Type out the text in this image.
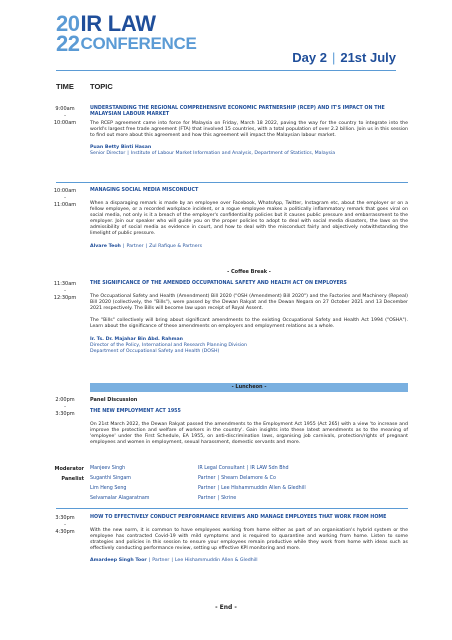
20
22
IR LAW
CONFERENCE
Day 2 | 21st July
TIME TOPIC
9:00am
-
10:00am
UNDERSTANDING THE REGIONAL COMPREHENSIVE ECONOMIC PARTNERSHIP (RCEP) AND IT'S IMPACT ON THE MALAYSIAN LABOUR MARKET
The RCEP agreement came into force for Malaysia on Friday, March 18 2022, paving the way for the country to integrate into the world's largest free trade agreement (FTA) that involved 15 countries, with a total population of over 2.2 billion. Join us in this session to find out more about this agreement and how this agreement will impact the Malaysian labour market.
Puan Betty Binti Hasan
Senior Director | Institute of Labour Market Information and Analysis, Department of Statistics, Malaysia
10:00am
-
11:00am
MANAGING SOCIAL MEDIA MISCONDUCT
When a disparaging remark is made by an employee over Facebook, WhatsApp, Twitter, Instagram etc, about the employer or on a fellow employee, or a recorded workplace incident, or a rogue employee makes a politically inflammatory remark that goes viral on social media, not only is it a breach of the employer's confidentiality policies but it causes public pressure and embarrassment to the employer. Join our speaker who will guide you on the proper policies to adopt to deal with social media disasters, the laws on the admissibility of social media as evidence in court, and how to deal with the misconduct fairly and objectively notwithstanding the limelight of public pressure.
Alvare Teoh | Partner | Zul Rafique & Partners
- Coffee Break -
11:30am
-
12:30pm
THE SIGNIFICANCE OF THE AMENDED OCCUPATIONAL SAFETY AND HEALTH ACT ON EMPLOYERS
The Occupational Safety and Health (Amendment) Bill 2020 ("OSH (Amendment) Bill 2020") and the Factories and Machinery (Repeal) Bill 2020 (collectively, the "Bills"), were passed by the Dewan Rakyat and the Dewan Negara on 27 October 2021 and 13 December 2021 respectively. The Bills will become law upon receipt of Royal Assent.
The "Bills" collectively will bring about significant amendments to the existing Occupational Safety and Health Act 1994 ("OSHA"). Learn about the significance of these amendments on employers and employment relations as a whole.
Ir. Ts. Dr. Majahar Bin Abd. Rahman
Director of the Policy, International and Research Planning Division
Department of Occupational Safety and Health (DOSH)
- Luncheon -
2:00pm
-
3:30pm
Panel Discussion
THE NEW EMPLOYMENT ACT 1955
On 21st March 2022, the Dewan Rakyat passed the amendments to the Employment Act 1955 (Act 265) with a view 'to increase and improve the protection and welfare of workers in the country'. Gain insights into these latest amendments as to the meaning of 'employee' under the First Schedule, EA 1955, on anti-discrimination laws, organising job carnivals, protection/rights of pregnant employees and women in employment, sexual harassment, domestic servants and more.
Moderator
Panelist
Manjeev Singh	IR Legal Consultant | IR LAW Sdn Bhd
Suganthi Singam	Partner | Shearn Delamore & Co
Lim Heng Seng	Partner | Lee Hishammuddin Allen & Gledhill
Selvamalar Alagaratnam	Partner | Skrine
3:30pm
-
4:30pm
HOW TO EFFECTIVELY CONDUCT PERFORMANCE REVIEWS AND MANAGE EMPLOYEES THAT WORK FROM HOME
With the new norm, it is common to have employees working from home either as part of an organisation's hybrid system or the employee has contracted Covid-19 with mild symptoms and is required to quarantine and working from home. Listen to some strategies and policies in this session to ensure your employees remain productive while they work from home with ideas such as effectively conducting performance review, setting up effective KPI monitoring and more.
Amardeep Singh Toor | Partner | Lee Hishammuddin Allen & Gledhill
- End -
